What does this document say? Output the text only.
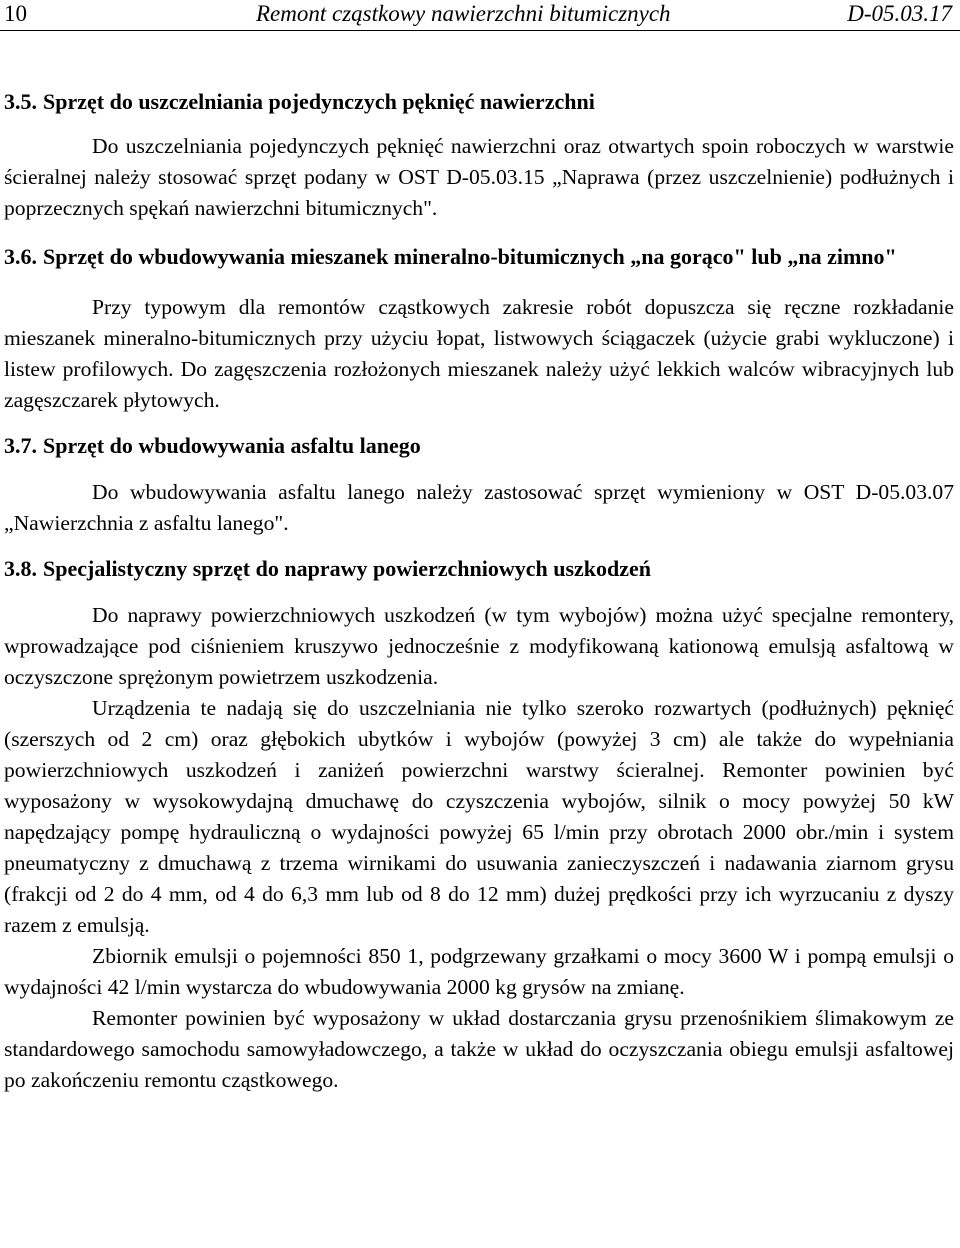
10	Remont cząstkowy nawierzchni bitumicznych	D-05.03.17
3.5. Sprzęt do uszczelniania pojedynczych pęknięć nawierzchni

Do uszczelniania pojedynczych pęknięć nawierzchni oraz otwartych spoin roboczych w warstwie ścieralnej należy stosować sprzęt podany w OST D-05.03.15 „Naprawa (przez uszczelnienie) podłużnych i poprzecznych spękań nawierzchni bitumicznych".

3.6. Sprzęt do wbudowywania mieszanek mineralno-bitumicznych „na gorąco" lub „na zimno"

Przy typowym dla remontów cząstkowych zakresie robót dopuszcza się ręczne rozkładanie mieszanek mineralno-bitumicznych przy użyciu łopat, listwowych ściągaczek (użycie grabi wykluczone) i listew profilowych. Do zagęszczenia rozłożonych mieszanek należy użyć lekkich walców wibracyjnych lub zagęszczarek płytowych.

3.7. Sprzęt do wbudowywania asfaltu lanego

Do wbudowywania asfaltu lanego należy zastosować sprzęt wymieniony w OST D-05.03.07 „Nawierzchnia z asfaltu lanego".

3.8. Specjalistyczny sprzęt do naprawy powierzchniowych uszkodzeń

Do naprawy powierzchniowych uszkodzeń (w tym wybojów) można użyć specjalne remontery, wprowadzające pod ciśnieniem kruszywo jednocześnie z modyfikowaną kationową emulsją asfaltową w oczyszczone sprężonym powietrzem uszkodzenia.

Urządzenia te nadają się do uszczelniania nie tylko szeroko rozwartych (podłużnych) pęknięć (szerszych od 2 cm) oraz głębokich ubytków i wybojów (powyżej 3 cm) ale także do wypełniania powierzchniowych uszkodzeń i zaniżeń powierzchni warstwy ścieralnej. Remonter powinien być wyposażony w wysokowydajną dmuchawę do czyszczenia wybojów, silnik o mocy powyżej 50 kW napędzający pompę hydrauliczną o wydajności powyżej 65 l/min przy obrotach 2000 obr./min i system pneumatyczny z dmuchawą z trzema wirnikami do usuwania zanieczyszczeń i nadawania ziarnom grysu (frakcji od 2 do 4 mm, od 4 do 6,3 mm lub od 8 do 12 mm) dużej prędkości przy ich wyrzucaniu z dyszy razem z emulsją.

Zbiornik emulsji o pojemności 850 1, podgrzewany grzałkami o mocy 3600 W i pompą emulsji o wydajności 42 l/min wystarcza do wbudowywania 2000 kg grysów na zmianę.

Remonter powinien być wyposażony w układ dostarczania grysu przenośnikiem ślimakowym ze standardowego samochodu samowyładowczego, a także w układ do oczyszczania obiegu emulsji asfaltowej po zakończeniu remontu cząstkowego.
